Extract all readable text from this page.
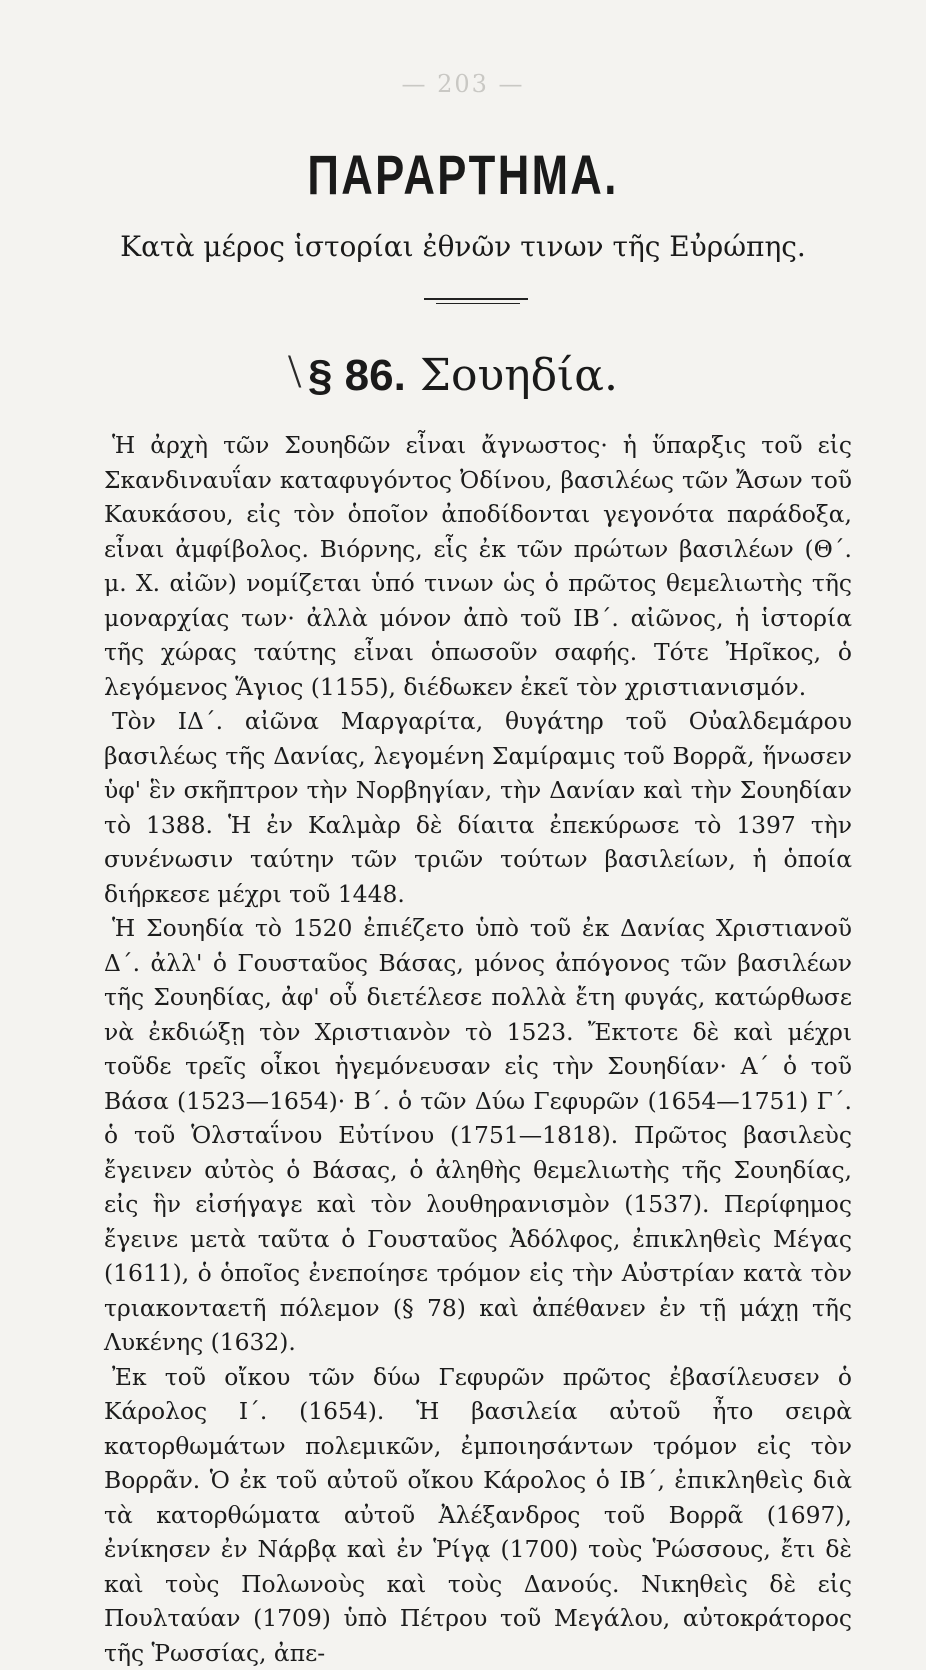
— 203 —
ΠΑΡΑΡΤΗΜΑ.
Κατὰ μέρος ἱστορίαι ἐθνῶν τινων τῆς Εὐρώπης.
\ § 86. Σουηδία.

Ἡ ἀρχὴ τῶν Σουηδῶν εἶναι ἄγνωστος· ἡ ὕπαρξις τοῦ εἰς Σκανδιναυΐαν καταφυγόντος Ὀδίνου, βασιλέως τῶν Ἄσων τοῦ Καυκάσου, εἰς τὸν ὁποῖον ἀποδίδονται γεγονότα παράδοξα, εἶναι ἀμφίβολος. Βιόρνης, εἷς ἐκ τῶν πρώτων βασιλέων (Θ΄. μ. Χ. αἰῶν) νομίζεται ὑπό τινων ὡς ὁ πρῶτος θεμελιωτὴς τῆς μοναρχίας των· ἀλλὰ μόνον ἀπὸ τοῦ ΙΒ΄. αἰῶνος, ἡ ἱστορία τῆς χώρας ταύτης εἶναι ὁπωσοῦν σαφής. Τότε Ἠρῖκος, ὁ λεγόμενος Ἅγιος (1155), διέδωκεν ἐκεῖ τὸν χριστιανισμόν.

Τὸν ΙΔ΄. αἰῶνα Μαργαρίτα, θυγάτηρ τοῦ Οὐαλδεμάρου βασιλέως τῆς Δανίας, λεγομένη Σαμίραμις τοῦ Βορρᾶ, ἥνωσεν ὑφ' ἓν σκῆπτρον τὴν Νορβηγίαν, τὴν Δανίαν καὶ τὴν Σουηδίαν τὸ 1388. Ἡ ἐν Καλμὰρ δὲ δίαιτα ἐπεκύρωσε τὸ 1397 τὴν συνένωσιν ταύτην τῶν τριῶν τούτων βασιλείων, ἡ ὁποία διήρκεσε μέχρι τοῦ 1448.

Ἡ Σουηδία τὸ 1520 ἐπιέζετο ὑπὸ τοῦ ἐκ Δανίας Χριστιανοῦ Δ΄. ἀλλ' ὁ Γουσταῦος Βάσας, μόνος ἀπόγονος τῶν βασιλέων τῆς Σουηδίας, ἀφ' οὗ διετέλεσε πολλὰ ἔτη φυγάς, κατώρθωσε νὰ ἐκδιώξῃ τὸν Χριστιανὸν τὸ 1523. Ἔκτοτε δὲ καὶ μέχρι τοῦδε τρεῖς οἶκοι ἡγεμόνευσαν εἰς τὴν Σουηδίαν· Α΄ ὁ τοῦ Βάσα (1523—1654)· Β΄. ὁ τῶν Δύω Γεφυρῶν (1654—1751) Γ΄. ὁ τοῦ Ὁλσταΐνου Εὐτίνου (1751—1818). Πρῶτος βασιλεὺς ἔγεινεν αὐτὸς ὁ Βάσας, ὁ ἀληθὴς θεμελιωτὴς τῆς Σουηδίας, εἰς ἣν εἰσήγαγε καὶ τὸν λουθηρανισμὸν (1537). Περίφημος ἔγεινε μετὰ ταῦτα ὁ Γουσταῦος Ἀδόλφος, ἐπικληθεὶς Μέγας (1611), ὁ ὁποῖος ἐνεποίησε τρόμον εἰς τὴν Αὐστρίαν κατὰ τὸν τριακονταετῆ πόλεμον (§ 78) καὶ ἀπέθανεν ἐν τῇ μάχῃ τῆς Λυκένης (1632).

Ἐκ τοῦ οἴκου τῶν δύω Γεφυρῶν πρῶτος ἐβασίλευσεν ὁ Κάρολος Ι΄. (1654). Ἡ βασιλεία αὐτοῦ ἦτο σειρὰ κατορθωμάτων πολεμικῶν, ἐμποιησάντων τρόμον εἰς τὸν Βορρᾶν. Ὁ ἐκ τοῦ αὐτοῦ οἴκου Κάρολος ὁ ΙΒ΄, ἐπικληθεὶς διὰ τὰ κατορθώματα αὐτοῦ Ἀλέξανδρος τοῦ Βορρᾶ (1697), ἐνίκησεν ἐν Νάρβᾳ καὶ ἐν Ῥίγᾳ (1700) τοὺς Ῥώσσους, ἔτι δὲ καὶ τοὺς Πολωνοὺς καὶ τοὺς Δανούς. Νικηθεὶς δὲ εἰς Πουλταύαν (1709) ὑπὸ Πέτρου τοῦ Μεγάλου, αὐτοκράτορος τῆς Ῥωσσίας, ἀπε-
